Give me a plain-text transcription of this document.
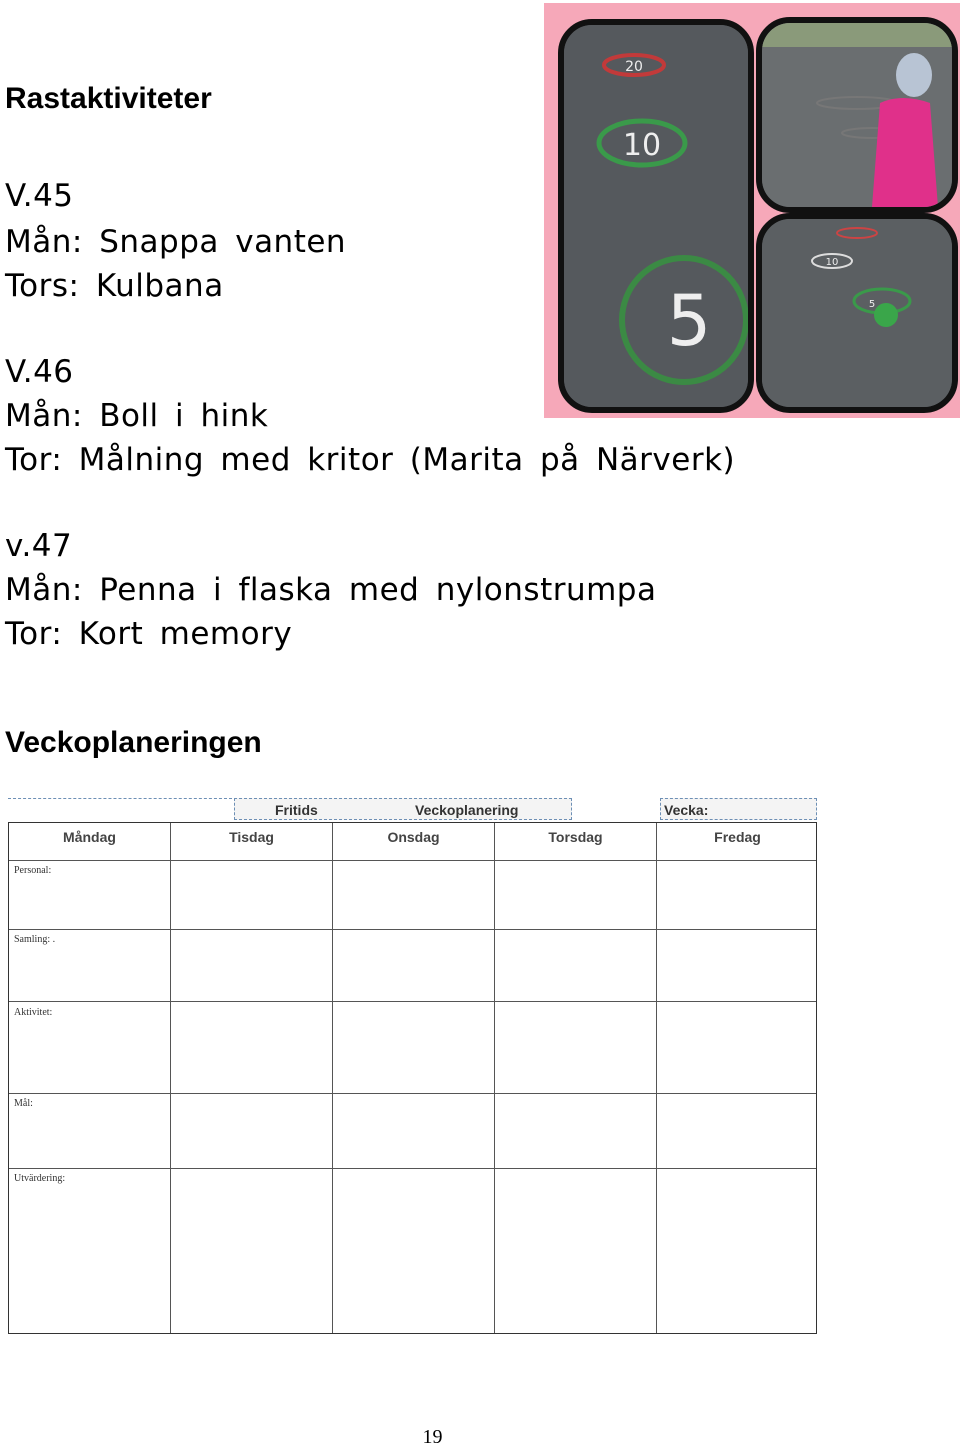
Rastaktiviteter
V.45
Mån: Snappa vanten
Tors: Kulbana
V.46
Mån: Boll i hink
Tor: Målning med kritor (Marita på Närverk)
v.47
Mån: Penna i flaska med nylonstrumpa
Tor: Kort memory
20
10
5
10
5
Veckoplaneringen
Fritids	Veckoplanering	Vecka:
Måndag	Tisdag	Onsdag	Torsdag	Fredag
Personal:
Samling: .
Aktivitet:
Mål:
Utvärdering:
19
